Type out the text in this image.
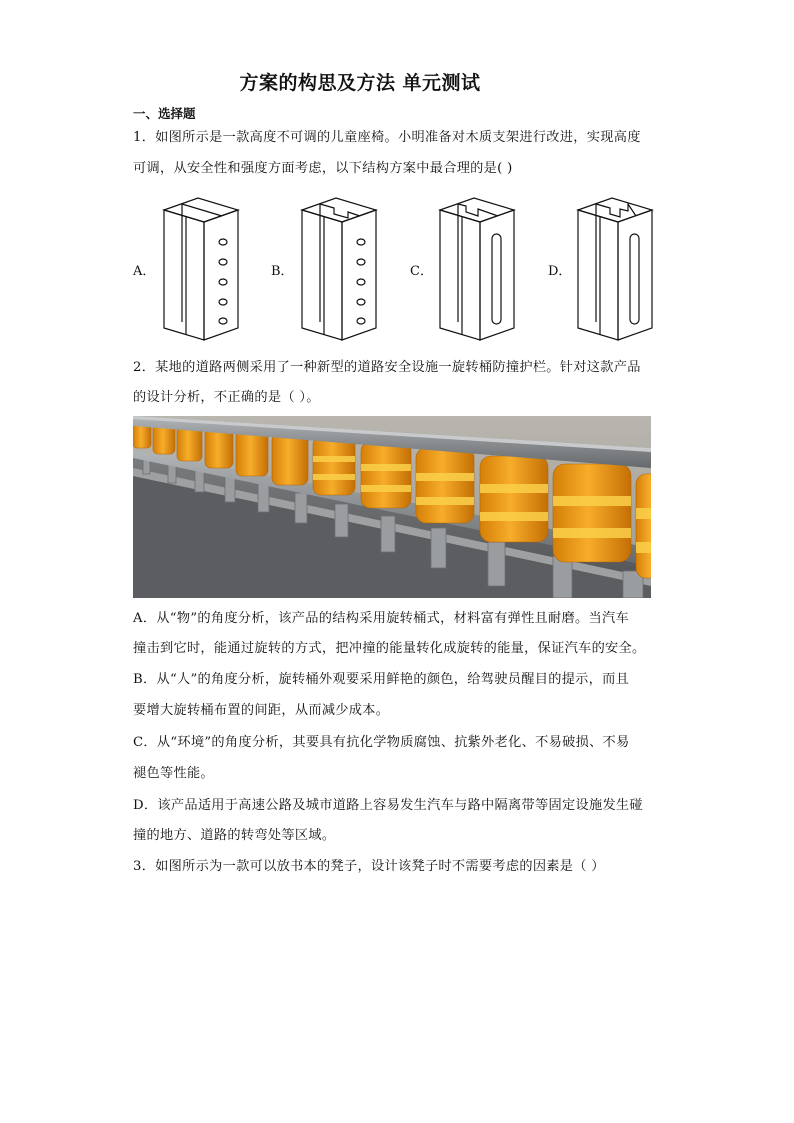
方案的构思及方法 单元测试
一、选择题
1．如图所示是一款高度不可调的儿童座椅。小明准备对木质支架进行改进，实现高度
可调，从安全性和强度方面考虑，以下结构方案中最合理的是( )
A．	B．	C．	D．
2．某地的道路两侧采用了一种新型的道路安全设施一旋转桶防撞护栏。针对这款产品
的设计分析，不正确的是（ ）。
A．从“物”的角度分析，该产品的结构采用旋转桶式，材料富有弹性且耐磨。当汽车
撞击到它时，能通过旋转的方式，把冲撞的能量转化成旋转的能量，保证汽车的安全。
B．从“人”的角度分析，旋转桶外观要采用鲜艳的颜色，给驾驶员醒目的提示，而且
要增大旋转桶布置的间距，从而减少成本。
C．从“环境”的角度分析，其要具有抗化学物质腐蚀、抗紫外老化、不易破损、不易
褪色等性能。
D．该产品适用于高速公路及城市道路上容易发生汽车与路中隔离带等固定设施发生碰
撞的地方、道路的转弯处等区域。
3．如图所示为一款可以放书本的凳子，设计该凳子时不需要考虑的因素是（ ）
